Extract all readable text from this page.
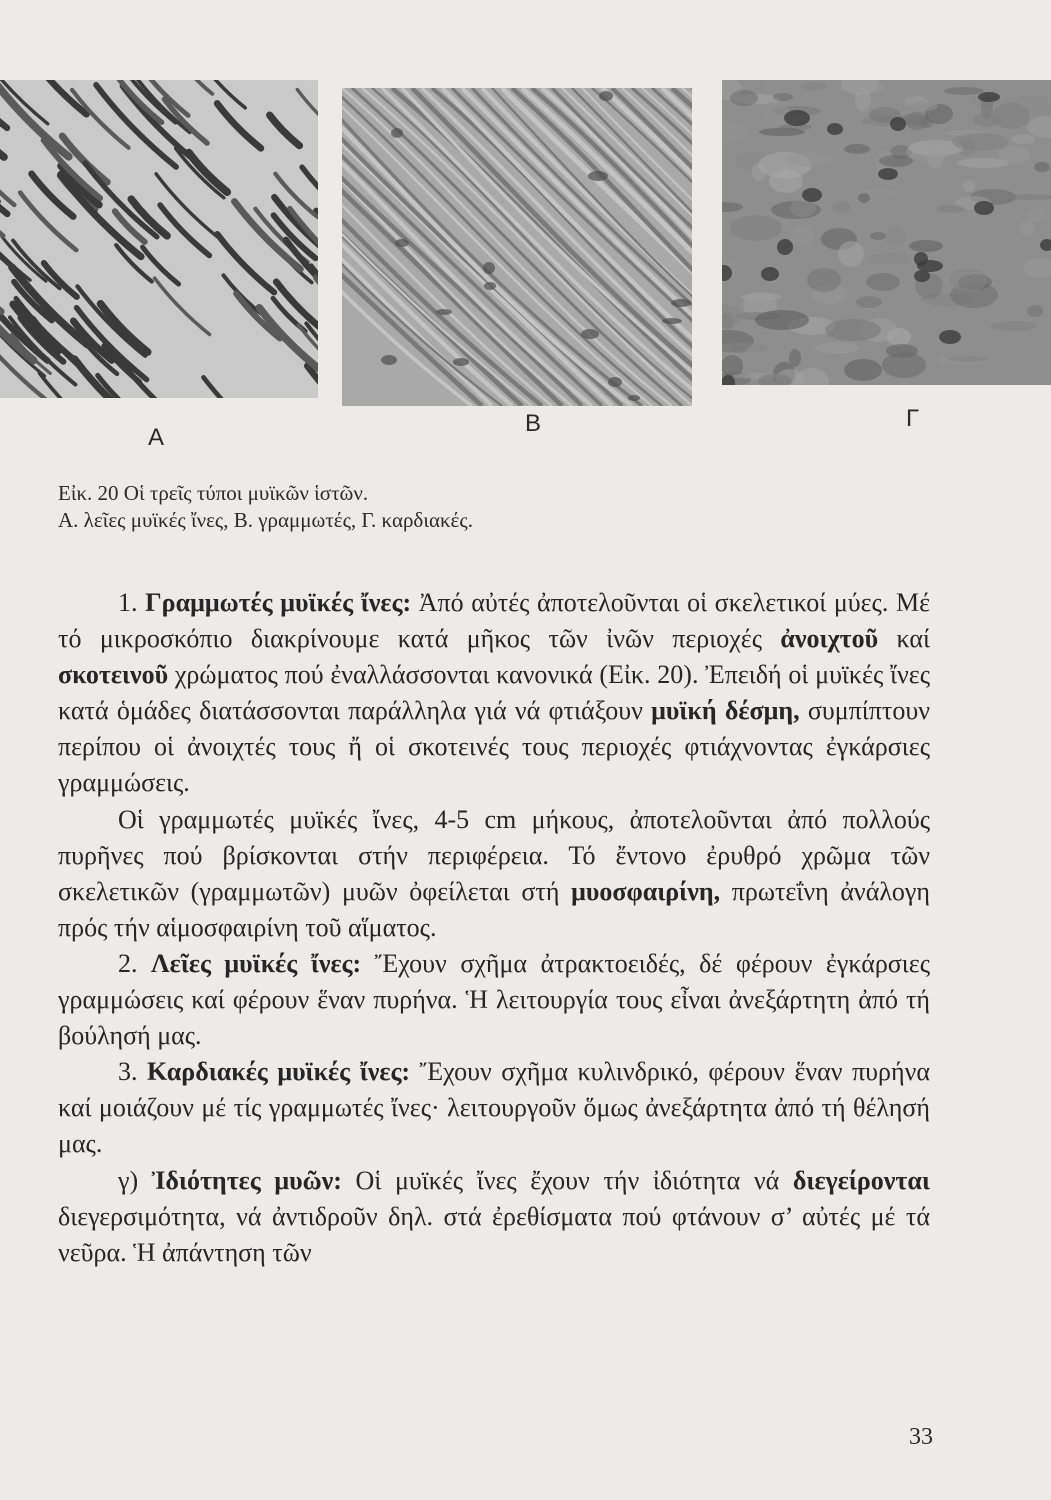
A
B	Γ
Εἰκ. 20 Οἱ τρεῖς τύποι μυϊκῶν ἱστῶν.
Α. λεῖες μυϊκές ἴνες, Β. γραμμωτές, Γ. καρδιακές.

1. Γραμμωτές μυϊκές ἴνες: Ἀπό αὐτές ἀποτελοῦνται οἱ σκελετικοί μύες. Μέ τό μικροσκόπιο διακρίνουμε κατά μῆκος τῶν ἰνῶν περιοχές ἀνοιχτοῦ καί σκοτεινοῦ χρώματος πού ἐναλλάσσονται κανονικά (Εἰκ. 20). Ἐπειδή οἱ μυϊκές ἴνες κατά ὁμάδες διατάσσονται παράλληλα γιά νά φτιάξουν μυϊκή δέσμη, συμπίπτουν περίπου οἱ ἀνοιχτές τους ἤ οἱ σκοτεινές τους περιοχές φτιάχνοντας ἐγκάρσιες γραμμώσεις.

Οἱ γραμμωτές μυϊκές ἴνες, 4-5 cm μήκους, ἀποτελοῦνται ἀπό πολλούς πυρῆνες πού βρίσκονται στήν περιφέρεια. Τό ἔντονο ἐρυθρό χρῶμα τῶν σκελετικῶν (γραμμωτῶν) μυῶν ὀφείλεται στή μυοσφαιρίνη, πρωτεΐνη ἀνάλογη πρός τήν αἱμοσφαιρίνη τοῦ αἵματος.

2. Λεῖες μυϊκές ἴνες: Ἔχουν σχῆμα ἀτρακτοειδές, δέ φέρουν ἐγκάρσιες γραμμώσεις καί φέρουν ἕναν πυρήνα. Ἡ λειτουργία τους εἶναι ἀνεξάρτητη ἀπό τή βούλησή μας.

3. Καρδιακές μυϊκές ἴνες: Ἔχουν σχῆμα κυλινδρικό, φέρουν ἕναν πυρήνα καί μοιάζουν μέ τίς γραμμωτές ἴνες· λειτουργοῦν ὅμως ἀνεξάρτητα ἀπό τή θέλησή μας.

γ) Ἰδιότητες μυῶν: Οἱ μυϊκές ἴνες ἔχουν τήν ἰδιότητα νά διεγείρονται διεγερσιμότητα, νά ἀντιδροῦν δηλ. στά ἐρεθίσματα πού φτάνουν σ’ αὐτές μέ τά νεῦρα. Ἡ ἀπάντηση τῶν

33
